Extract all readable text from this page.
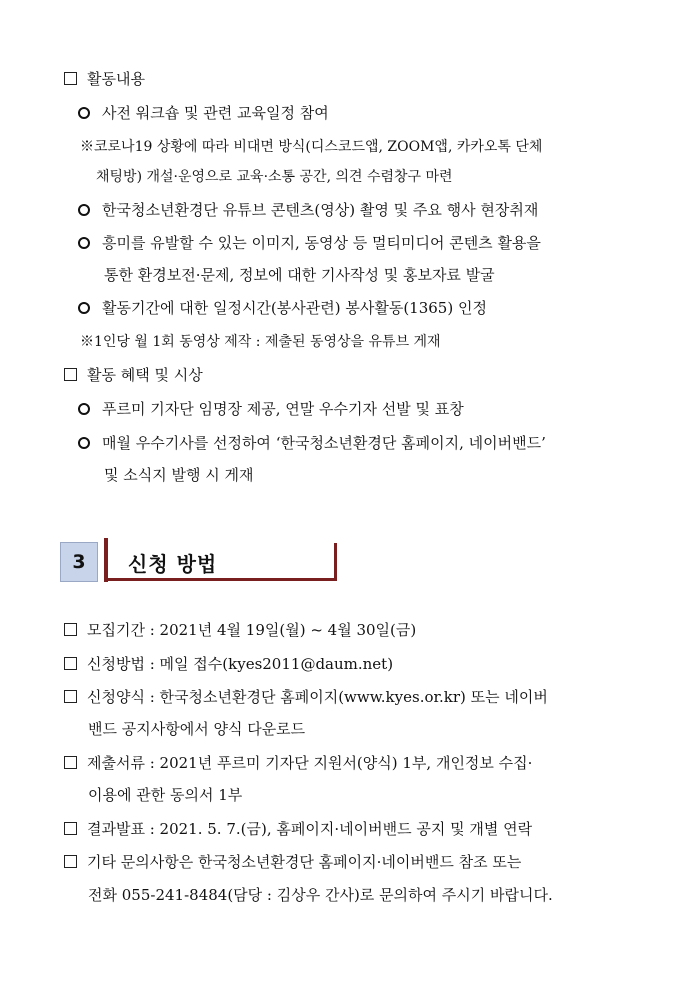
활동내용
사전 워크숍 및 관련 교육일정 참여
※코로나19 상황에 따라 비대면 방식(디스코드앱, ZOOM앱, 카카오톡 단체
채팅방) 개설·운영으로 교육·소통 공간, 의견 수렴창구 마련
한국청소년환경단 유튜브 콘텐츠(영상) 촬영 및 주요 행사 현장취재
흥미를 유발할 수 있는 이미지, 동영상 등 멀티미디어 콘텐츠 활용을
통한 환경보전·문제, 정보에 대한 기사작성 및 홍보자료 발굴
활동기간에 대한 일정시간(봉사관련) 봉사활동(1365) 인정
※1인당 월 1회 동영상 제작 : 제출된 동영상을 유튜브 게재
활동 혜택 및 시상
푸르미 기자단 임명장 제공, 연말 우수기자 선발 및 표창
매월 우수기사를 선정하여 ‘한국청소년환경단 홈페이지, 네이버밴드’
및 소식지 발행 시 게재
3	신청 방법
모집기간 : 2021년 4월 19일(월) ~ 4월 30일(금)
신청방법 : 메일 접수(kyes2011@daum.net)
신청양식 : 한국청소년환경단 홈페이지(www.kyes.or.kr) 또는 네이버
밴드 공지사항에서 양식 다운로드
제출서류 : 2021년 푸르미 기자단 지원서(양식) 1부, 개인정보 수집·
이용에 관한 동의서 1부
결과발표 : 2021. 5. 7.(금), 홈페이지·네이버밴드 공지 및 개별 연락
기타 문의사항은 한국청소년환경단 홈페이지·네이버밴드 참조 또는
전화 055-241-8484(담당 : 김상우 간사)로 문의하여 주시기 바랍니다.
